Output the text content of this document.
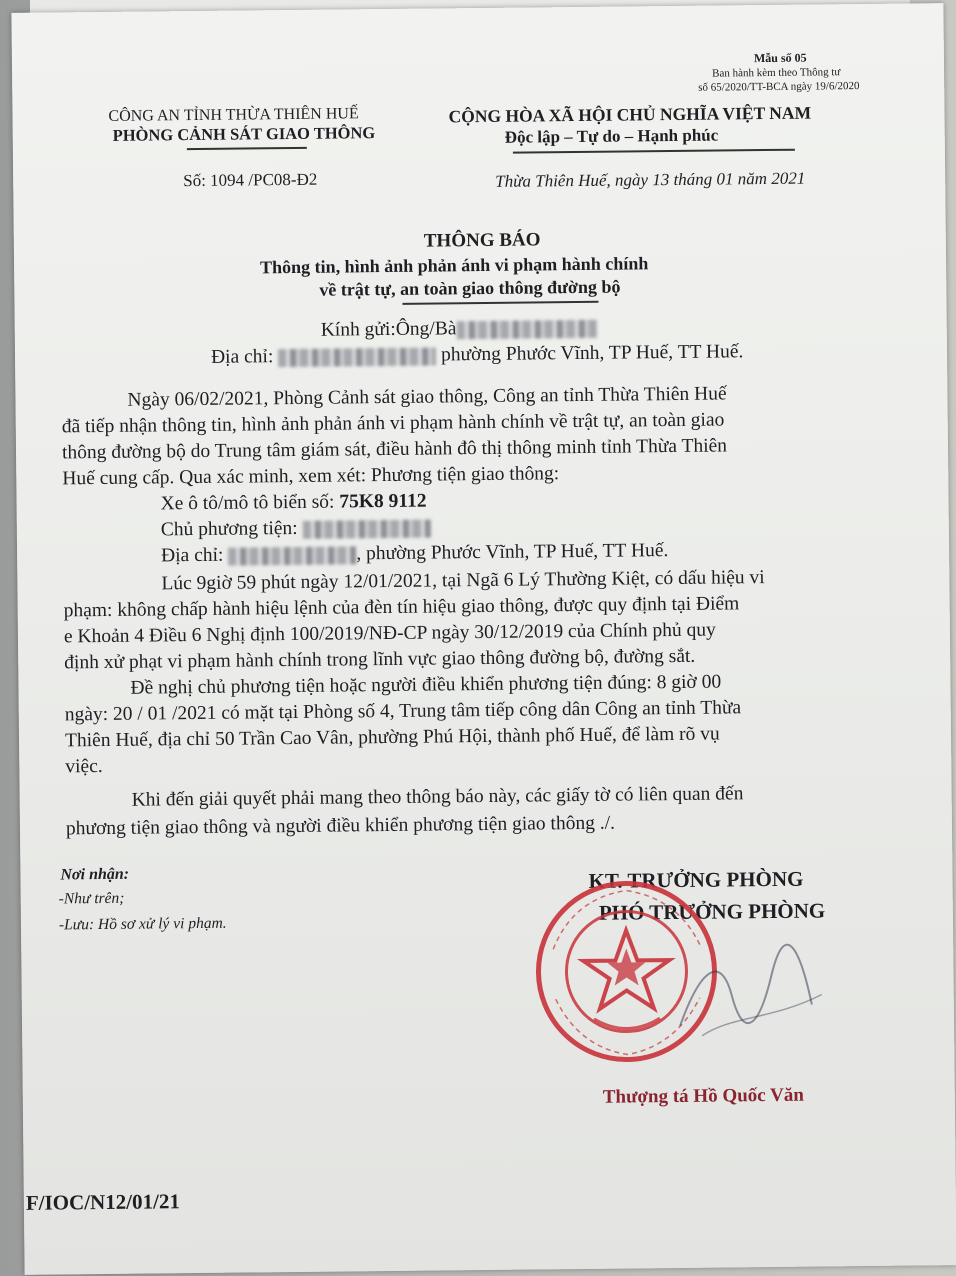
Mẫu số 05
Ban hành kèm theo Thông tư
số 65/2020/TT-BCA ngày 19/6/2020
CÔNG AN TỈNH THỪA THIÊN HUẾ
PHÒNG CẢNH SÁT GIAO THÔNG
CỘNG HÒA XÃ HỘI CHỦ NGHĨA VIỆT NAM
Độc lập – Tự do – Hạnh phúc
Số: 1094 /PC08-Đ2	Thừa Thiên Huế, ngày 13 tháng 01 năm 2021
THÔNG BÁO
Thông tin, hình ảnh phản ánh vi phạm hành chính
về trật tự, an toàn giao thông đường bộ
Kính gửi:Ông/Bà
Địa chỉ:	phường Phước Vĩnh, TP Huế, TT Huế.
Ngày 06/02/2021, Phòng Cảnh sát giao thông, Công an tỉnh Thừa Thiên Huế
đã tiếp nhận thông tin, hình ảnh phản ánh vi phạm hành chính về trật tự, an toàn giao
thông đường bộ do Trung tâm giám sát, điều hành đô thị thông minh tỉnh Thừa Thiên
Huế cung cấp. Qua xác minh, xem xét: Phương tiện giao thông:
Xe ô tô/mô tô biển số: 75K8 9112
Chủ phương tiện:
Địa chỉ:	, phường Phước Vĩnh, TP Huế, TT Huế.
Lúc 9giờ 59 phút ngày 12/01/2021, tại Ngã 6 Lý Thường Kiệt, có dấu hiệu vi
phạm: không chấp hành hiệu lệnh của đèn tín hiệu giao thông, được quy định tại Điểm
e Khoản 4 Điều 6 Nghị định 100/2019/NĐ-CP ngày 30/12/2019 của Chính phủ quy
định xử phạt vi phạm hành chính trong lĩnh vực giao thông đường bộ, đường sắt.
Đề nghị chủ phương tiện hoặc người điều khiển phương tiện đúng: 8 giờ 00
ngày: 20 / 01 /2021 có mặt tại Phòng số 4, Trung tâm tiếp công dân Công an tỉnh Thừa
Thiên Huế, địa chỉ 50 Trần Cao Vân, phường Phú Hội, thành phố Huế, để làm rõ vụ
việc.
Khi đến giải quyết phải mang theo thông báo này, các giấy tờ có liên quan đến
phương tiện giao thông và người điều khiển phương tiện giao thông ./.
Nơi nhận:
-Như trên;
-Lưu: Hồ sơ xử lý vi phạm.
KT. TRƯỞNG PHÒNG
PHÓ TRƯỞNG PHÒNG
Thượng tá Hồ Quốc Văn
F/IOC/N12/01/21
